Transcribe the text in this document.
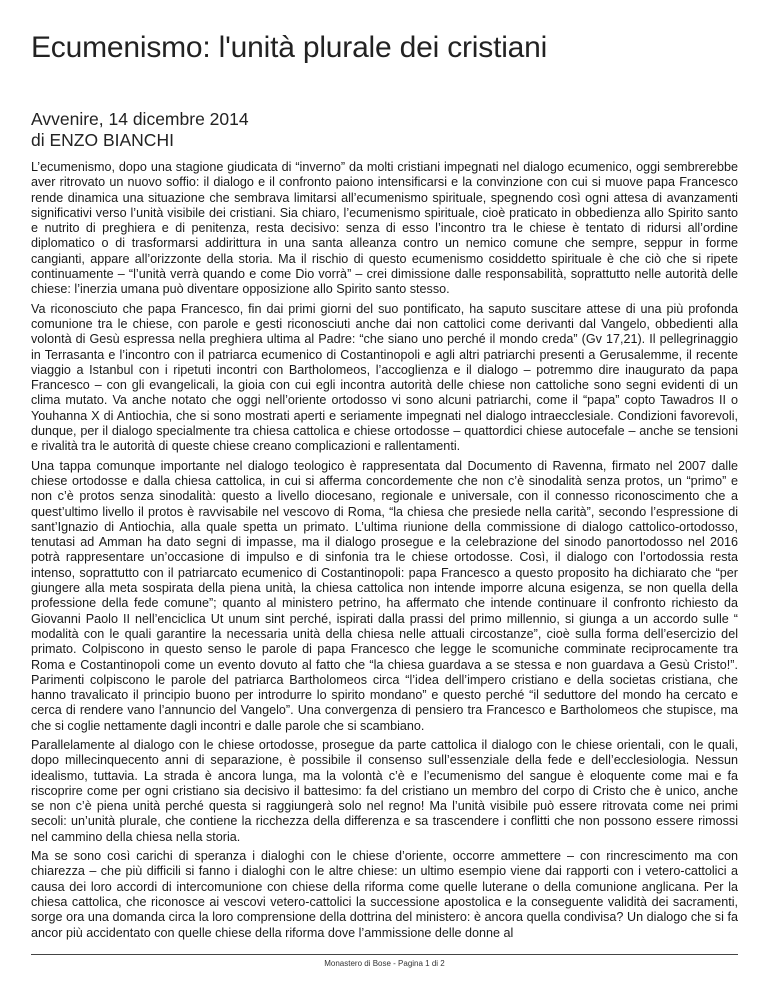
Ecumenismo: l'unità plurale dei cristiani
Avvenire, 14 dicembre 2014
di ENZO BIANCHI

L’ecumenismo, dopo una stagione giudicata di “inverno” da molti cristiani impegnati nel dialogo ecumenico, oggi sembrerebbe aver ritrovato un nuovo soffio: il dialogo e il confronto paiono intensificarsi e la convinzione con cui si muove papa Francesco rende dinamica una situazione che sembrava limitarsi all’ecumenismo spirituale, spegnendo così ogni attesa di avanzamenti significativi verso l’unità visibile dei cristiani. Sia chiaro, l’ecumenismo spirituale, cioè praticato in obbedienza allo Spirito santo e nutrito di preghiera e di penitenza, resta decisivo: senza di esso l’incontro tra le chiese è tentato di ridursi all’ordine diplomatico o di trasformarsi addirittura in una santa alleanza contro un nemico comune che sempre, seppur in forme cangianti, appare all’orizzonte della storia. Ma il rischio di questo ecumenismo cosiddetto spirituale è che ciò che si ripete continuamente – “l’unità verrà quando e come Dio vorrà” – crei dimissione dalle responsabilità, soprattutto nelle autorità delle chiese: l’inerzia umana può diventare opposizione allo Spirito santo stesso.

Va riconosciuto che papa Francesco, fin dai primi giorni del suo pontificato, ha saputo suscitare attese di una più profonda comunione tra le chiese, con parole e gesti riconosciuti anche dai non cattolici come derivanti dal Vangelo, obbedienti alla volontà di Gesù espressa nella preghiera ultima al Padre: “che siano uno perché il mondo creda” (Gv 17,21). Il pellegrinaggio in Terrasanta e l’incontro con il patriarca ecumenico di Costantinopoli e agli altri patriarchi presenti a Gerusalemme, il recente viaggio a Istanbul con i ripetuti incontri con Bartholomeos, l’accoglienza e il dialogo – potremmo dire inaugurato da papa Francesco – con gli evangelicali, la gioia con cui egli incontra autorità delle chiese non cattoliche sono segni evidenti di un clima mutato. Va anche notato che oggi nell’oriente ortodosso vi sono alcuni patriarchi, come il “papa” copto Tawadros II o Youhanna X di Antiochia, che si sono mostrati aperti e seriamente impegnati nel dialogo intraecclesiale. Condizioni favorevoli, dunque, per il dialogo specialmente tra chiesa cattolica e chiese ortodosse – quattordici chiese autocefale – anche se tensioni e rivalità tra le autorità di queste chiese creano complicazioni e rallentamenti.

Una tappa comunque importante nel dialogo teologico è rappresentata dal Documento di Ravenna, firmato nel 2007 dalle chiese ortodosse e dalla chiesa cattolica, in cui si afferma concordemente che non c’è sinodalità senza protos, un “primo” e non c’è protos senza sinodalità: questo a livello diocesano, regionale e universale, con il connesso riconoscimento che a quest’ultimo livello il protos è ravvisabile nel vescovo di Roma, “la chiesa che presiede nella carità”, secondo l’espressione di sant’Ignazio di Antiochia, alla quale spetta un primato. L’ultima riunione della commissione di dialogo cattolico-ortodosso, tenutasi ad Amman ha dato segni di impasse, ma il dialogo prosegue e la celebrazione del sinodo panortodosso nel 2016 potrà rappresentare un’occasione di impulso e di sinfonia tra le chiese ortodosse. Così, il dialogo con l’ortodossia resta intenso, soprattutto con il patriarcato ecumenico di Costantinopoli: papa Francesco a questo proposito ha dichiarato che “per giungere alla meta sospirata della piena unità, la chiesa cattolica non intende imporre alcuna esigenza, se non quella della professione della fede comune”; quanto al ministero petrino, ha affermato che intende continuare il confronto richiesto da Giovanni Paolo II nell’enciclica Ut unum sint perché, ispirati dalla prassi del primo millennio, si giunga a un accordo sulle “ modalità con le quali garantire la necessaria unità della chiesa nelle attuali circostanze”, cioè sulla forma dell’esercizio del primato. Colpiscono in questo senso le parole di papa Francesco che legge le scomuniche comminate reciprocamente tra Roma e Costantinopoli come un evento dovuto al fatto che “la chiesa guardava a se stessa e non guardava a Gesù Cristo!”. Parimenti colpiscono le parole del patriarca Bartholomeos circa “l’idea dell’impero cristiano e della societas cristiana, che hanno travalicato il principio buono per introdurre lo spirito mondano” e questo perché “il seduttore del mondo ha cercato e cerca di rendere vano l’annuncio del Vangelo”. Una convergenza di pensiero tra Francesco e Bartholomeos che stupisce, ma che si coglie nettamente dagli incontri e dalle parole che si scambiano.

Parallelamente al dialogo con le chiese ortodosse, prosegue da parte cattolica il dialogo con le chiese orientali, con le quali, dopo millecinquecento anni di separazione, è possibile il consenso sull’essenziale della fede e dell’ecclesiologia. Nessun idealismo, tuttavia. La strada è ancora lunga, ma la volontà c’è e l’ecumenismo del sangue è eloquente come mai e fa riscoprire come per ogni cristiano sia decisivo il battesimo: fa del cristiano un membro del corpo di Cristo che è unico, anche se non c’è piena unità perché questa si raggiungerà solo nel regno! Ma l’unità visibile può essere ritrovata come nei primi secoli: un’unità plurale, che contiene la ricchezza della differenza e sa trascendere i conflitti che non possono essere rimossi nel cammino della chiesa nella storia.

Ma se sono così carichi di speranza i dialoghi con le chiese d’oriente, occorre ammettere – con rincrescimento ma con chiarezza – che più difficili si fanno i dialoghi con le altre chiese: un ultimo esempio viene dai rapporti con i vetero-cattolici a causa dei loro accordi di intercomunione con chiese della riforma come quelle luterane o della comunione anglicana. Per la chiesa cattolica, che riconosce ai vescovi vetero-cattolici la successione apostolica e la conseguente validità dei sacramenti, sorge ora una domanda circa la loro comprensione della dottrina del ministero: è ancora quella condivisa? Un dialogo che si fa ancor più accidentato con quelle chiese della riforma dove l’ammissione delle donne al

Monastero di Bose - Pagina 1 di 2
